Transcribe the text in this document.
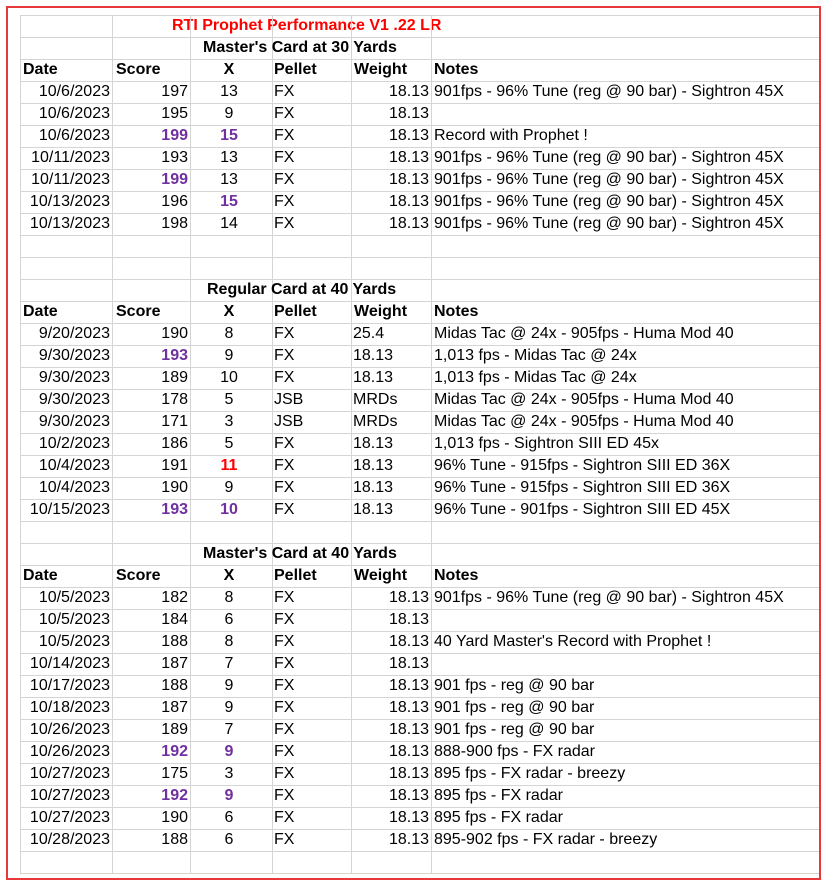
RTI Prophet Performance V1 .22 LR
Master's Card at 30 Yards
Date	Score	X	Pellet Weight Notes
10/6/2023	197	13	FX	18.13 901fps - 96% Tune (reg @ 90 bar) - Sightron 45X
10/6/2023	195	9	FX	18.13
10/6/2023	199	15	FX	18.13 Record with Prophet !
10/11/2023	193	13	FX	18.13 901fps - 96% Tune (reg @ 90 bar) - Sightron 45X
10/11/2023	199	13	FX	18.13 901fps - 96% Tune (reg @ 90 bar) - Sightron 45X
10/13/2023	196	15	FX	18.13 901fps - 96% Tune (reg @ 90 bar) - Sightron 45X
10/13/2023	198	14	FX	18.13 901fps - 96% Tune (reg @ 90 bar) - Sightron 45X
Regular Card at 40 Yards
Date	Score	X	Pellet Weight Notes
9/20/2023	190	8	FX	25.4	Midas Tac @ 24x - 905fps - Huma Mod 40
9/30/2023	193	9	FX	18.13	1,013 fps - Midas Tac @ 24x
9/30/2023	189	10	FX	18.13	1,013 fps - Midas Tac @ 24x
9/30/2023	178	5	JSB	MRDs	Midas Tac @ 24x - 905fps - Huma Mod 40
9/30/2023	171	3	JSB	MRDs	Midas Tac @ 24x - 905fps - Huma Mod 40
10/2/2023	186	5	FX	18.13	1,013 fps - Sightron SIII ED 45x
10/4/2023	191	11	FX	18.13	96% Tune - 915fps - Sightron SIII ED 36X
10/4/2023	190	9	FX	18.13	96% Tune - 915fps - Sightron SIII ED 36X
10/15/2023	193	10	FX	18.13	96% Tune - 901fps - Sightron SIII ED 45X
Master's Card at 40 Yards
Date	Score	X	Pellet Weight Notes
10/5/2023	182	8	FX	18.13 901fps - 96% Tune (reg @ 90 bar) - Sightron 45X
10/5/2023	184	6	FX	18.13
10/5/2023	188	8	FX	18.13 40 Yard Master's Record with Prophet !
10/14/2023	187	7	FX	18.13
10/17/2023	188	9	FX	18.13 901 fps - reg @ 90 bar
10/18/2023	187	9	FX	18.13 901 fps - reg @ 90 bar
10/26/2023	189	7	FX	18.13 901 fps - reg @ 90 bar
10/26/2023	192	9	FX	18.13 888-900 fps - FX radar
10/27/2023	175	3	FX	18.13 895 fps - FX radar - breezy
10/27/2023	192	9	FX	18.13 895 fps - FX radar
10/27/2023	190	6	FX	18.13 895 fps - FX radar
10/28/2023	188	6	FX	18.13 895-902 fps - FX radar - breezy
